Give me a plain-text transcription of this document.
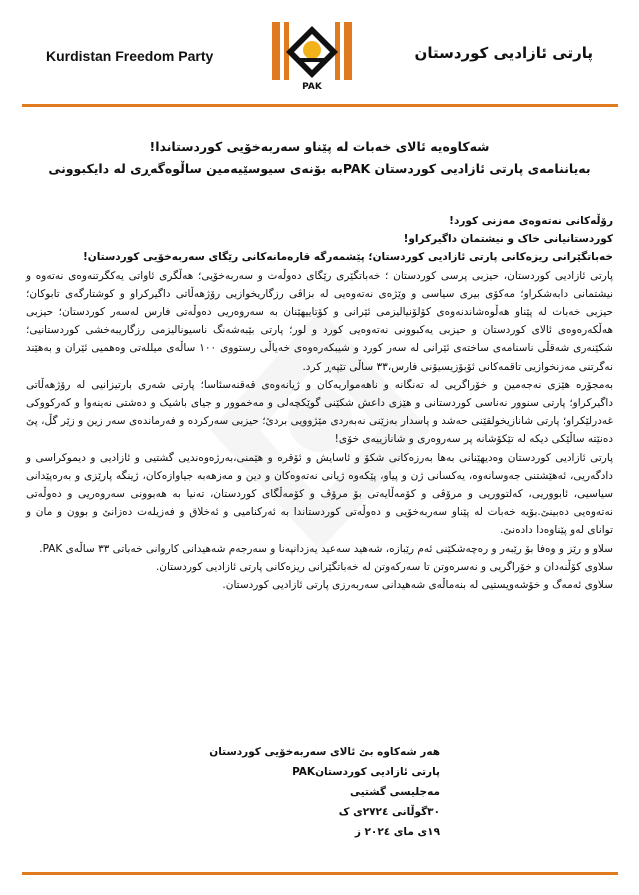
Kurdistan Freedom Party	پارتی ئازادیی کوردستان
PAK
شەکاوەیە ئالای خەبات لە پێناو سەربەخۆیی کوردستاندا!
بەیاننامەی پارتی ئازادیی کوردستان PAKبە بۆنەی سیوسێیەمین ساڵوەگەڕی لە دایکبوونی

رۆڵەکانی نەتەوەی مەزنی کورد!

کوردستانیانی خاک و نیشتمان داگیرکراو!

خەباتگێرانی ریزەکانی پارتی ئازادیی کوردستان؛ پێشمەرگە قارەمانەکانی رێگای سەربەخۆیی کوردستان!

پارتی ئازادیی کوردستان، حیزبی پرسی کوردستان ؛ خەباتگێری رێگای دەوڵەت و سەربەخۆیی؛ هەڵگری ئاواتی یەکگرتنەوەی نەتەوە و نیشتمانی دابەشکراو؛ مەکۆی بیری سیاسی و وێژەی نەتەوەیی لە بزاڤی رزگاریخوازیی رۆژهەڵاتی داگیرکراو و کوشتارگەی تابوکان؛ حیزبی خەبات لە پێناو هەڵوەشاندنەوەی کۆلۆنیالیزمی ئێرانی و کۆتاییهێنان بە سەروەریی دەوڵەتی فارس لەسەر کوردستان؛ حیزبی هەڵکەرەوەی ئالای کوردستان و حیزبی یەکبوونی نەتەوەیی کورد و لور؛ پارتی بێبەشەنگ ناسیونالیزمی رزگاریبەخشی کوردستانیی؛ شکێنەری شەقڵی ناسنامەی ساختەی ئێرانی لە سەر کورد و شیبکەرەوەی خەیاڵی رستووی ١٠٠ ساڵەی میللەتی وەهمیی ئێران و بەهێند نەگرتنی مەزنخوازیی تاقمەکانی ئۆبۆزیسیۆنی فارس،٣٣ ساڵی تێپەڕ کرد.

بەمجۆرە هێزی نەجەمین و خۆراگریی لە تەنگانە و ناهەمواریەکان و ژیانەوەی قەقنەسئاسا؛ پارتی شەری بارتیزانیی لە رۆژهەڵاتی داگیرکراو؛ پارتی سنوور نەناسی کوردستانی و هێزی داعش شکێنی گوێکچەلی و مەخموور و جیای باشیک و دەشتی نەینەوا و کەرکووکی غەدرلێکراو؛ پارتی شانازیخولقێنی حەشد و پاسدار بەزێنی نەبەردی مێژوویی بردێ؛ حیزبی سەرکردە و فەرماندەی سەر زین و زێر گڵ، پێ دەنێتە ساڵێکی دیکە لە تێکۆشانە پر سەروەری و شانازییەی خۆی!

پارتی ئازادیی کوردستان وەدیهێنانی بەها بەرزەکانی شکۆ و ئاسایش و ئۆقرە و هێمنی،بەرژەوەندیی گشتیی و ئازادیی و دیموکراسی و دادگەریی، ئەهێشتنی جەوسانەوە، یەکسانی ژن و پیاو، پێکەوە ژیانی نەتەوەکان و دین و مەزهەبە جیاوازەکان، ژینگە پارێزی و بەرەپێدانی سیاسیی، ئابووریی، کەلتووریی و مرۆڤی و کۆمەڵایەتی بۆ مرۆڤ و کۆمەڵگای کوردستان، تەنیا بە هەبوونی سەروەریی و دەوڵەتی نەتەوەیی دەبینێ.بۆیە خەبات لە پێناو سەربەخۆیی و دەوڵەتی کوردستاندا بە ئەرکنامیی و ئەخلاق و فەزیلەت دەزانێ و بوون و مان و توانای لەو پێناوەدا دادەنێ.

سلاو و رێز و وەفا بۆ رێبەر و رەچەشکێنی ئەم رێبازە، شەهید سەعید یەزدانپەنا و سەرجەم شەهیدانی کاروانی خەباتی ٣٣ ساڵەی PAK.

سلاوی کۆڵنەدان و خۆراگریی و نەسرەوتن تا سەرکەوتن لە خەباتگێرانی ریزەکانی پارتی ئازادیی کوردستان.

سلاوی ئەمەگ و خۆشەویستیی لە بنەماڵەی شەهیدانی سەربەرزی پارتی ئازادیی کوردستان.

هەر شەکاوە بێ ئالای سەربەخۆیی کوردستان
پارتی ئازادیی کوردستانPAK
مەجلیسی گشتیی
٣٠گوڵانی ٢٧٢٤ی ک
١٩ی مای ٢٠٢٤ ز
